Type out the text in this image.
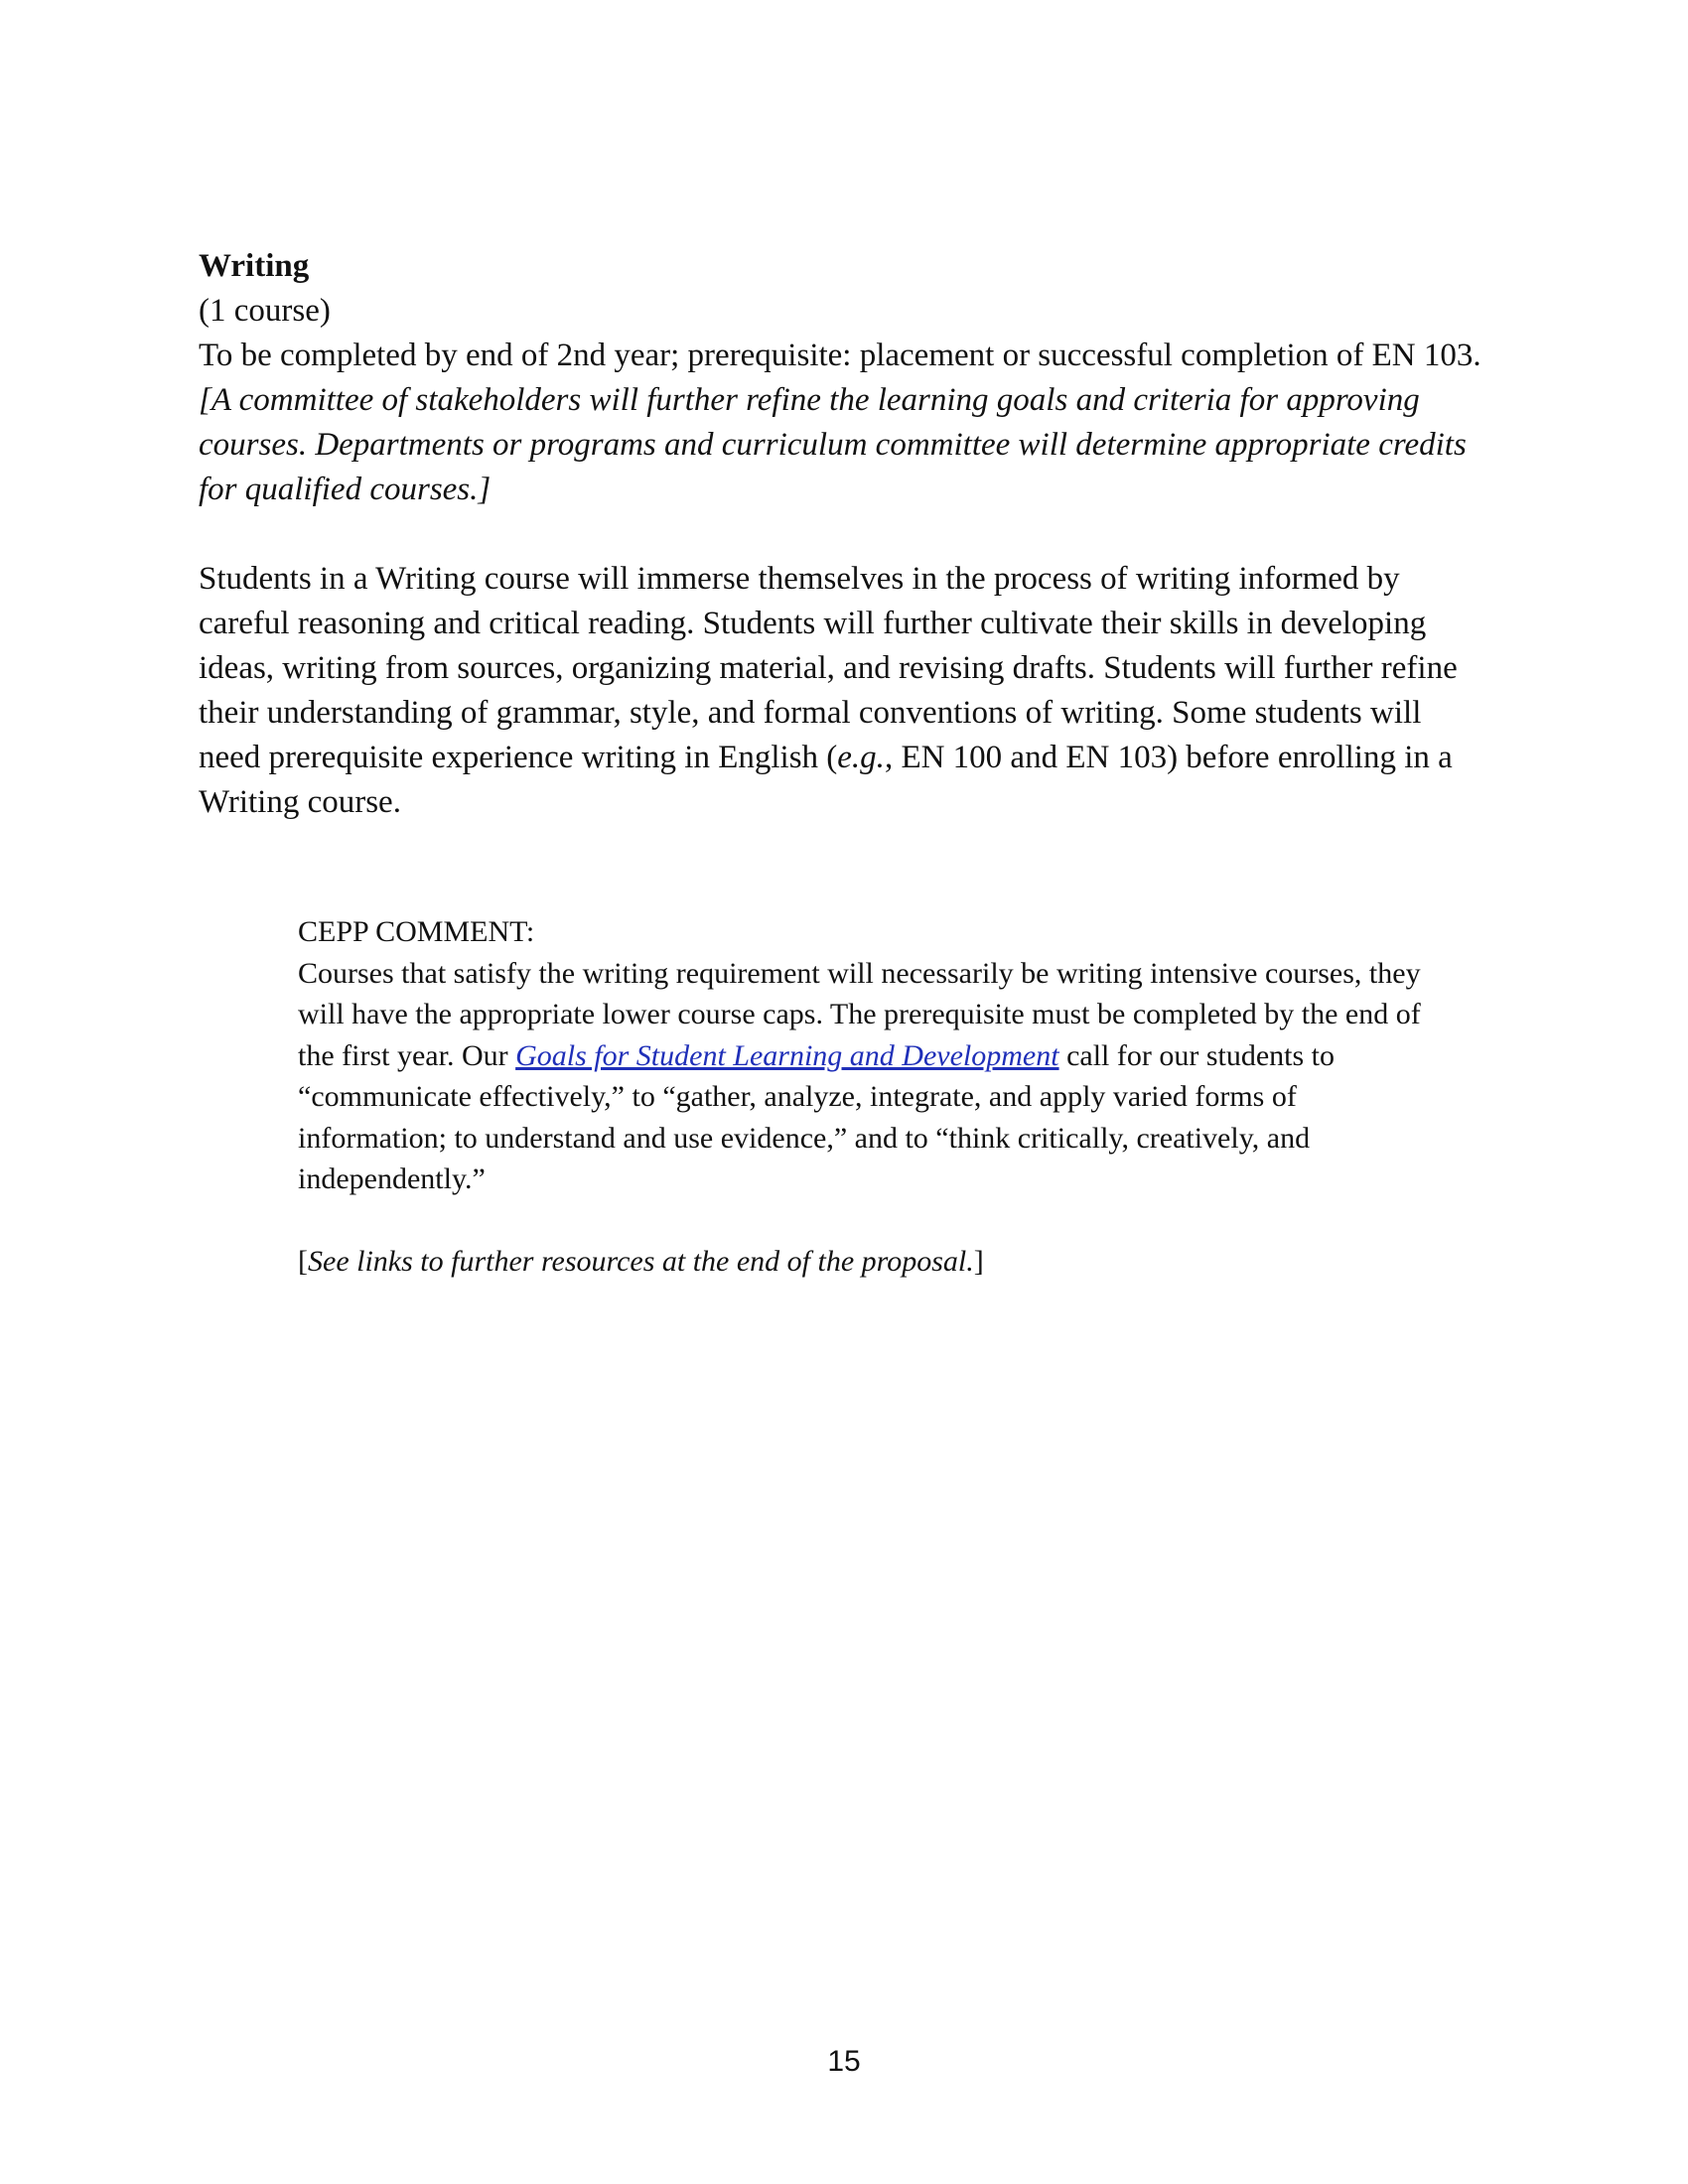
Writing

(1 course)

To be completed by end of 2nd year; prerequisite: placement or successful completion of EN 103.

[A committee of stakeholders will further refine the learning goals and criteria for approving courses. Departments or programs and curriculum committee will determine appropriate credits for qualified courses.]

Students in a Writing course will immerse themselves in the process of writing informed by careful reasoning and critical reading. Students will further cultivate their skills in developing ideas, writing from sources, organizing material, and revising drafts. Students will further refine their understanding of grammar, style, and formal conventions of writing. Some students will need prerequisite experience writing in English (e.g., EN 100 and EN 103) before enrolling in a Writing course.

CEPP COMMENT:

Courses that satisfy the writing requirement will necessarily be writing intensive courses, they will have the appropriate lower course caps. The prerequisite must be completed by the end of the first year. Our Goals for Student Learning and Development call for our students to “communicate effectively,” to “gather, analyze, integrate, and apply varied forms of information; to understand and use evidence,” and to “think critically, creatively, and independently.”

[See links to further resources at the end of the proposal.]

15
